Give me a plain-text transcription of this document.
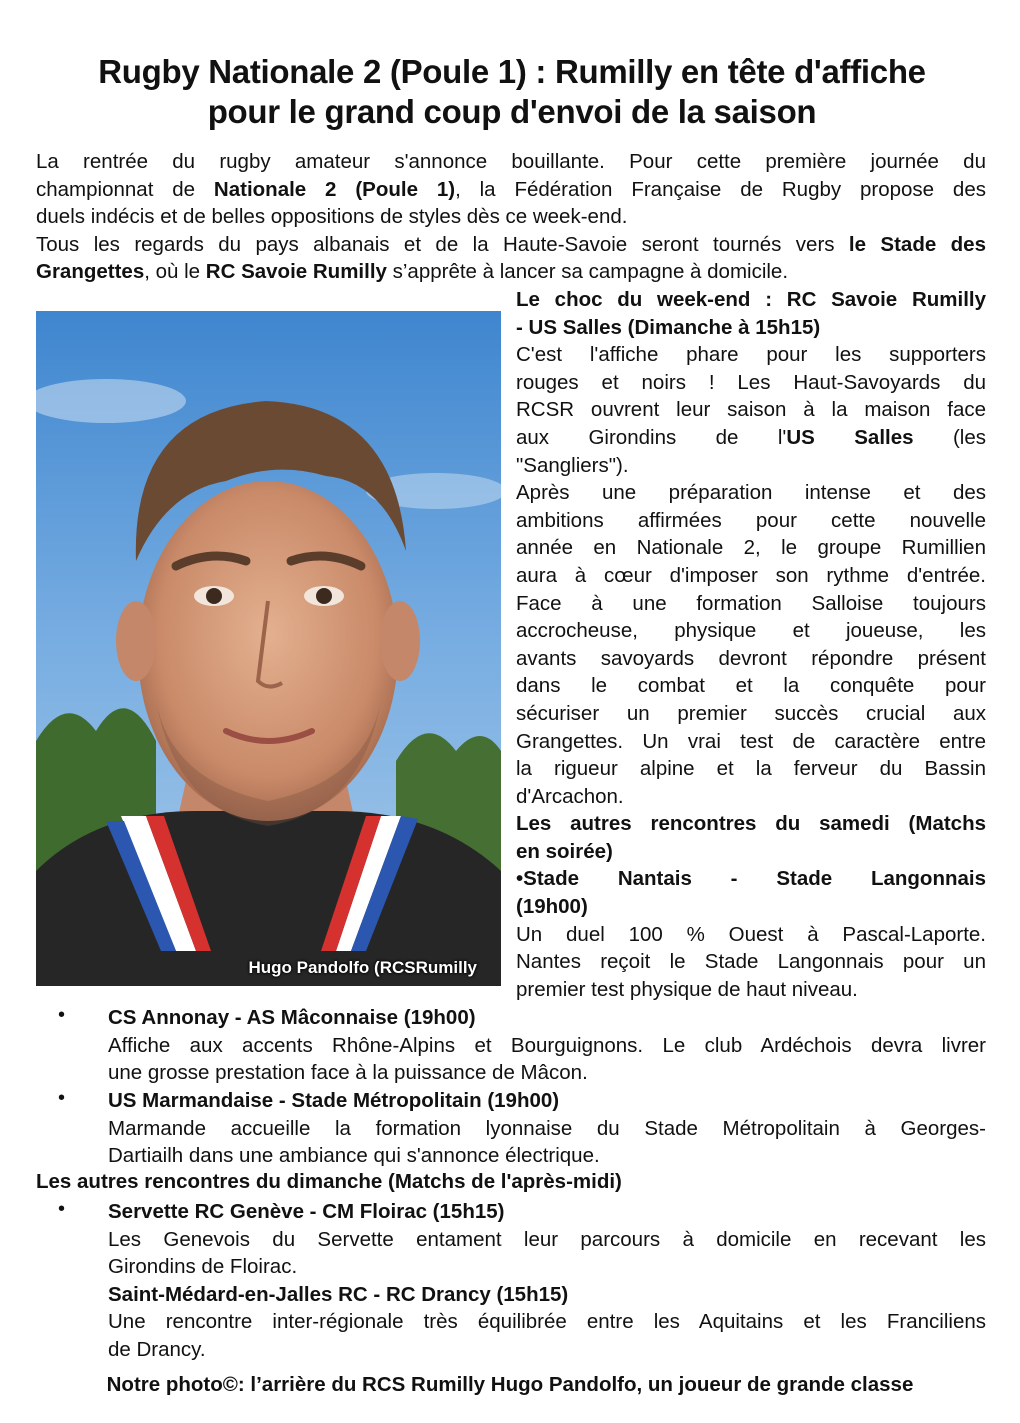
Rugby Nationale 2 (Poule 1) : Rumilly en tête d'affiche
pour le grand coup d'envoi de la saison
La rentrée du rugby amateur s'annonce bouillante. Pour cette première journée du
championnat de Nationale 2 (Poule 1), la Fédération Française de Rugby propose des
duels indécis et de belles oppositions de styles dès ce week-end.
Tous les regards du pays albanais et de la Haute-Savoie seront tournés vers le Stade des
Grangettes, où le RC Savoie Rumilly s’apprête à lancer sa campagne à domicile.
Hugo Pandolfo (RCSRumilly
Le choc du week-end : RC Savoie Rumilly
- US Salles (Dimanche à 15h15)
C'est l'affiche phare pour les supporters
rouges et noirs ! Les Haut-Savoyards du
RCSR ouvrent leur saison à la maison face
aux Girondins de l'US Salles (les
"Sangliers").
Après une préparation intense et des
ambitions affirmées pour cette nouvelle
année en Nationale 2, le groupe Rumillien
aura à cœur d'imposer son rythme d'entrée.
Face à une formation Salloise toujours
accrocheuse, physique et joueuse, les
avants savoyards devront répondre présent
dans le combat et la conquête pour
sécuriser un premier succès crucial aux
Grangettes. Un vrai test de caractère entre
la rigueur alpine et la ferveur du Bassin
d'Arcachon.
Les autres rencontres du samedi (Matchs
en soirée)
•Stade Nantais - Stade Langonnais
(19h00)
Un duel 100 % Ouest à Pascal-Laporte.
Nantes reçoit le Stade Langonnais pour un
premier test physique de haut niveau.
• CS Annonay - AS Mâconnaise (19h00)
Affiche aux accents Rhône-Alpins et Bourguignons. Le club Ardéchois devra livrer
une grosse prestation face à la puissance de Mâcon.
• US Marmandaise - Stade Métropolitain (19h00)
Marmande accueille la formation lyonnaise du Stade Métropolitain à Georges-
Dartiailh dans une ambiance qui s'annonce électrique.
Les autres rencontres du dimanche (Matchs de l'après-midi)
• Servette RC Genève - CM Floirac (15h15)
Les Genevois du Servette entament leur parcours à domicile en recevant les
Girondins de Floirac.
Saint-Médard-en-Jalles RC - RC Drancy (15h15)
Une rencontre inter-régionale très équilibrée entre les Aquitains et les Franciliens
de Drancy.
Notre photo©: l’arrière du RCS Rumilly Hugo Pandolfo, un joueur de grande classe
